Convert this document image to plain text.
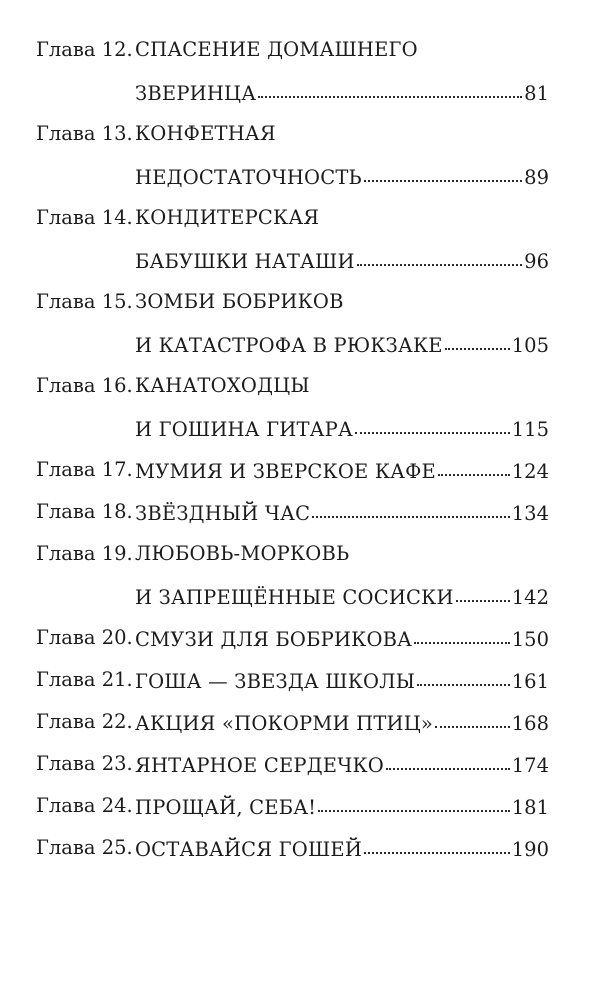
Глава 12. СПАСЕНИЕ ДОМАШНЕГО
ЗВЕРИНЦА	81
Глава 13. КОНФЕТНАЯ
НЕДОСТАТОЧНОСТЬ	89
Глава 14. КОНДИТЕРСКАЯ
БАБУШКИ НАТАШИ	96
Глава 15. ЗОМБИ БОБРИКОВ
И КАТАСТРОФА В РЮКЗАКЕ	105
Глава 16. КАНАТОХОДЦЫ
И ГОШИНА ГИТАРА	115
Глава 17. МУМИЯ И ЗВЕРСКОЕ КАФЕ	124
Глава 18. ЗВЁЗДНЫЙ ЧАС	134
Глава 19. ЛЮБОВЬ-МОРКОВЬ
И ЗАПРЕЩЁННЫЕ СОСИСКИ	142
Глава 20. СМУЗИ ДЛЯ БОБРИКОВА	150
Глава 21. ГОША — ЗВЕЗДА ШКОЛЫ	161
Глава 22. АКЦИЯ «ПОКОРМИ ПТИЦ»	168
Глава 23. ЯНТАРНОЕ СЕРДЕЧКО	174
Глава 24. ПРОЩАЙ, СЕБА!	181
Глава 25. ОСТАВАЙСЯ ГОШЕЙ	190
